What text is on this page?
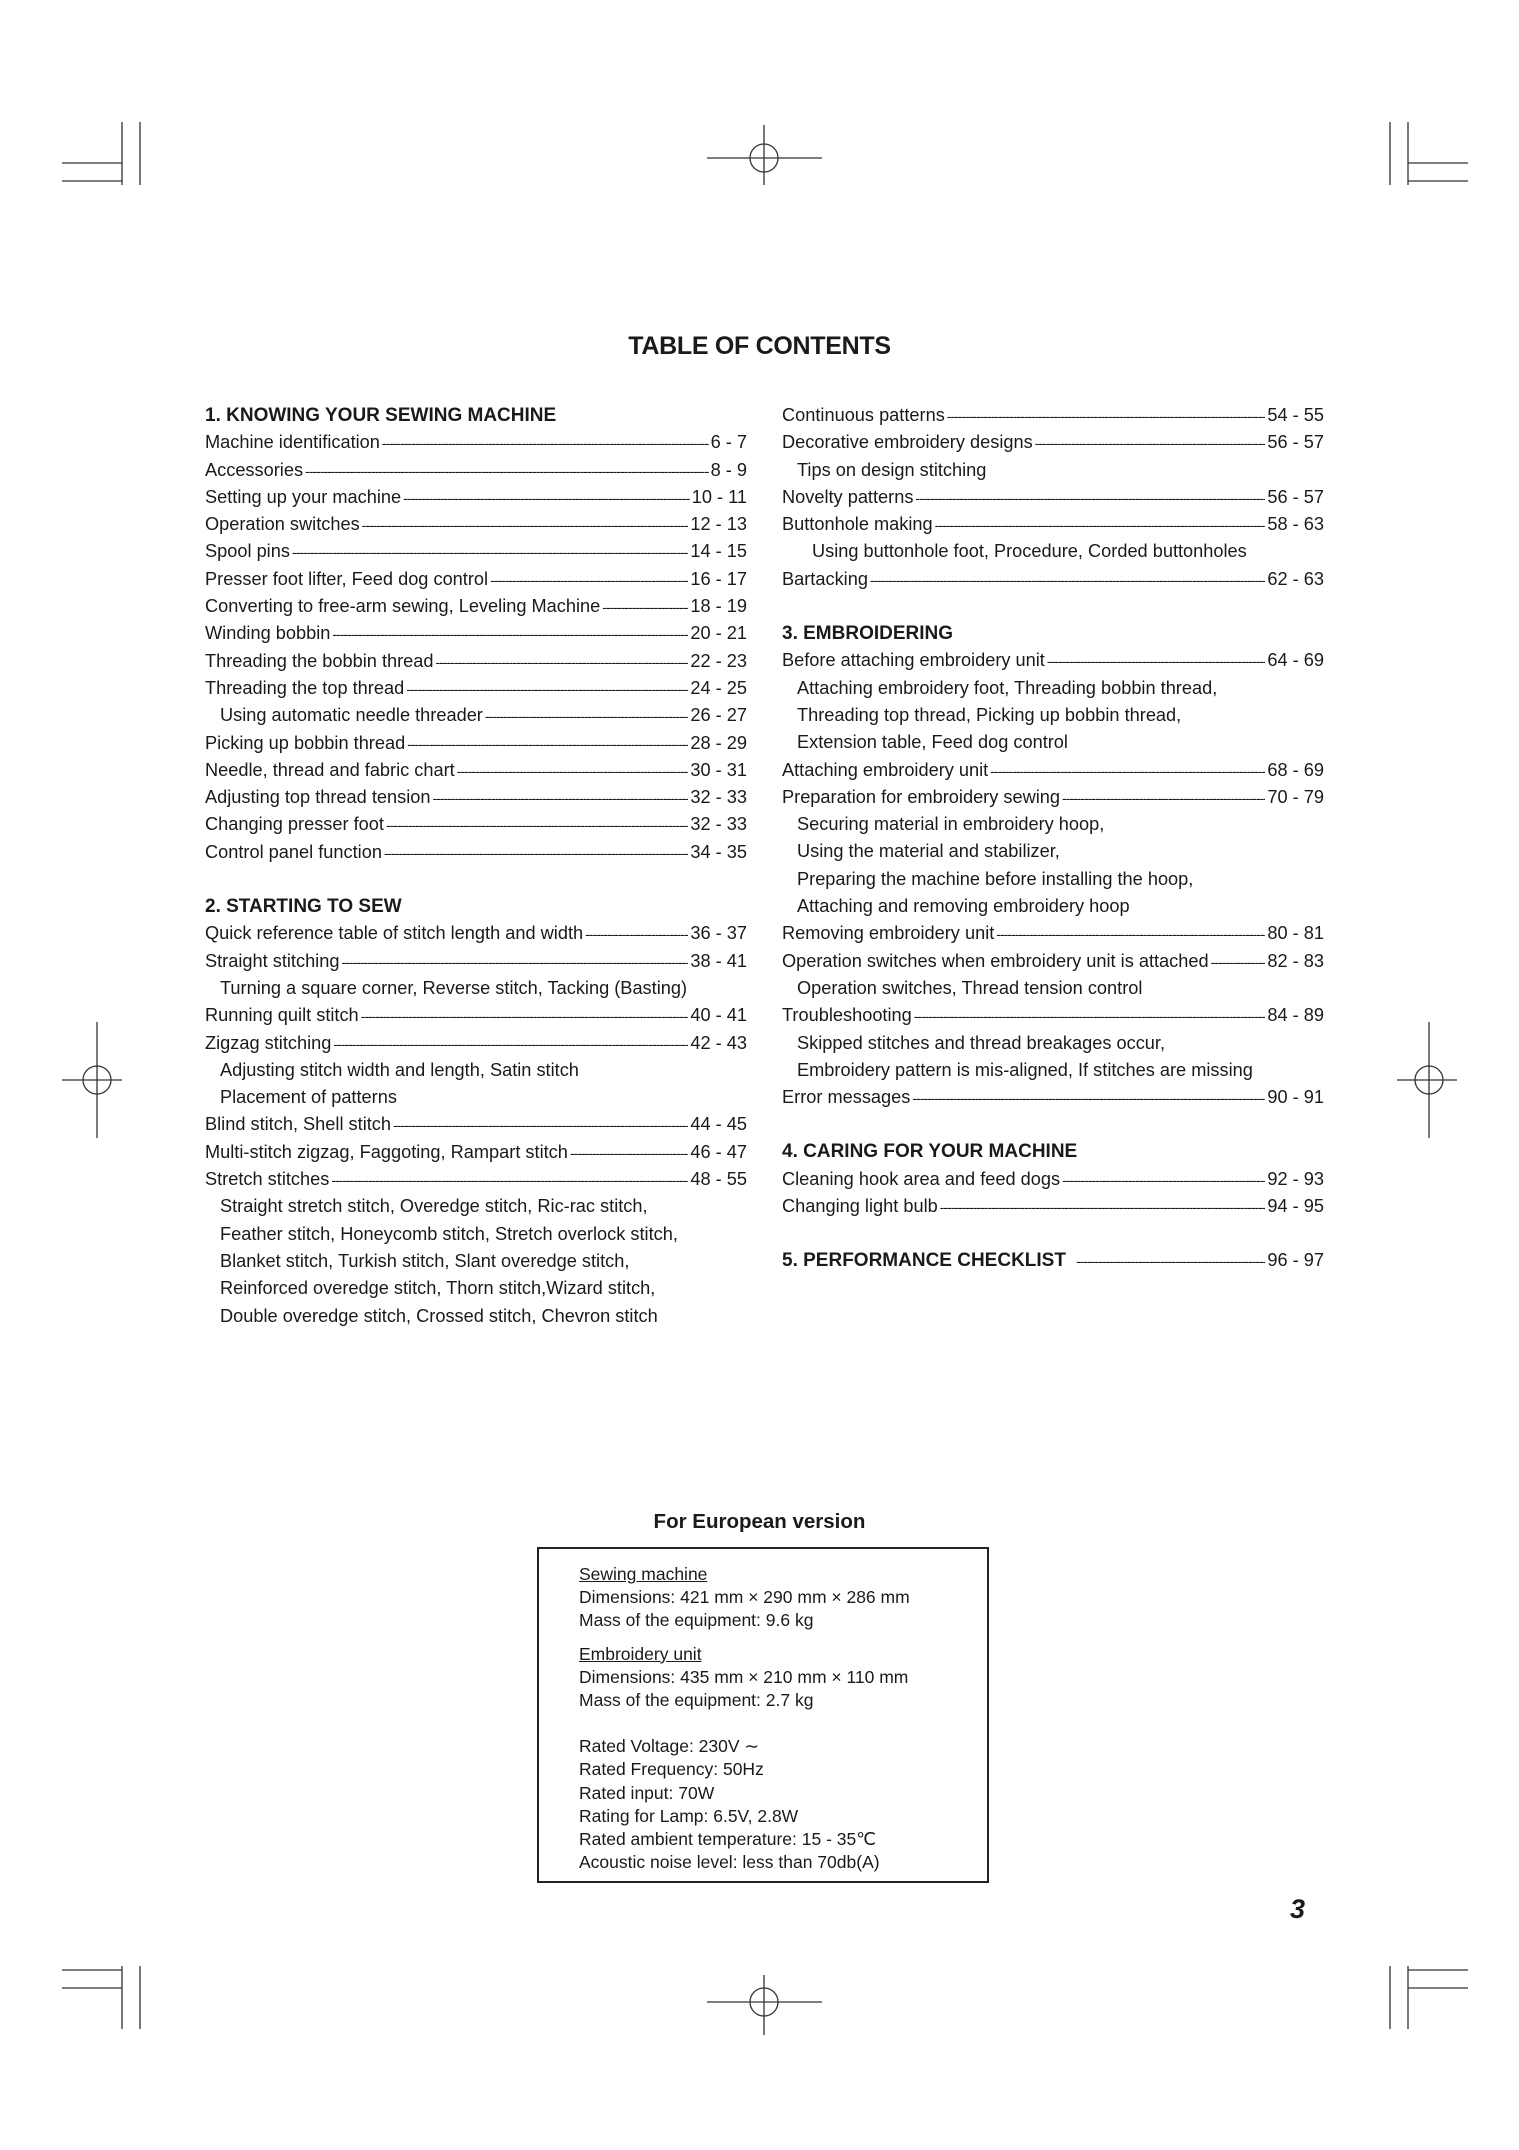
TABLE OF CONTENTS
1. KNOWING YOUR SEWING MACHINE
Machine identification -----	6 - 7
Accessories -----	8 - 9
Setting up your machine -----	10 - 11
Operation switches -----	12 - 13
Spool pins -----	14 - 15
Presser foot lifter, Feed dog control -----	16 - 17
Converting to free-arm sewing, Leveling Machine -----	18 - 19
Winding bobbin -----	20 - 21
Threading the bobbin thread -----	22 - 23
Threading the top thread -----	24 - 25
Using automatic needle threader -----	26 - 27
Picking up bobbin thread -----	28 - 29
Needle, thread and fabric chart -----	30 - 31
Adjusting top thread tension -----	32 - 33
Changing presser foot -----	32 - 33
Control panel function -----	34 - 35
2. STARTING TO SEW
Quick reference table of stitch length and width -----	36 - 37
Straight stitching -----	38 - 41
Turning a square corner, Reverse stitch, Tacking (Basting)
Running quilt stitch -----	40 - 41
Zigzag stitching -----	42 - 43
Adjusting stitch width and length, Satin stitch
Placement of patterns
Blind stitch, Shell stitch -----	44 - 45
Multi-stitch zigzag, Faggoting, Rampart stitch -----	46 - 47
Stretch stitches -----	48 - 55
Straight stretch stitch, Overedge stitch, Ric-rac stitch,
Feather stitch, Honeycomb stitch, Stretch overlock stitch,
Blanket stitch, Turkish stitch, Slant overedge stitch,
Reinforced overedge stitch, Thorn stitch,Wizard stitch,
Double overedge stitch, Crossed stitch, Chevron stitch
Continuous patterns -----	54 - 55
Decorative embroidery designs -----	56 - 57
Tips on design stitching
Novelty patterns -----	56 - 57
Buttonhole making -----	58 - 63
Using buttonhole foot, Procedure, Corded buttonholes
Bartacking -----	62 - 63
3. EMBROIDERING
Before attaching embroidery unit -----	64 - 69
Attaching embroidery foot, Threading bobbin thread,
Threading top thread, Picking up bobbin thread,
Extension table, Feed dog control
Attaching embroidery unit -----	68 - 69
Preparation for embroidery sewing -----	70 - 79
Securing material in embroidery hoop,
Using the material and stabilizer,
Preparing the machine before installing the hoop,
Attaching and removing embroidery hoop
Removing embroidery unit -----	80 - 81
Operation switches when embroidery unit is attached -----	82 - 83
Operation switches, Thread tension control
Troubleshooting -----	84 - 89
Skipped stitches and thread breakages occur,
Embroidery pattern is mis-aligned, If stitches are missing
Error messages -----	90 - 91
4. CARING FOR YOUR MACHINE
Cleaning hook area and feed dogs -----	92 - 93
Changing light bulb -----	94 - 95
5. PERFORMANCE CHECKLIST -----	96 - 97
For European version
Sewing machine
Dimensions: 421 mm × 290 mm × 286 mm
Mass of the equipment: 9.6 kg
Embroidery unit
Dimensions: 435 mm × 210 mm × 110 mm
Mass of the equipment: 2.7 kg
Rated Voltage: 230V ∼
Rated Frequency: 50Hz
Rated input: 70W
Rating for Lamp: 6.5V, 2.8W
Rated ambient temperature: 15 - 35℃
Acoustic noise level: less than 70db(A)
3
